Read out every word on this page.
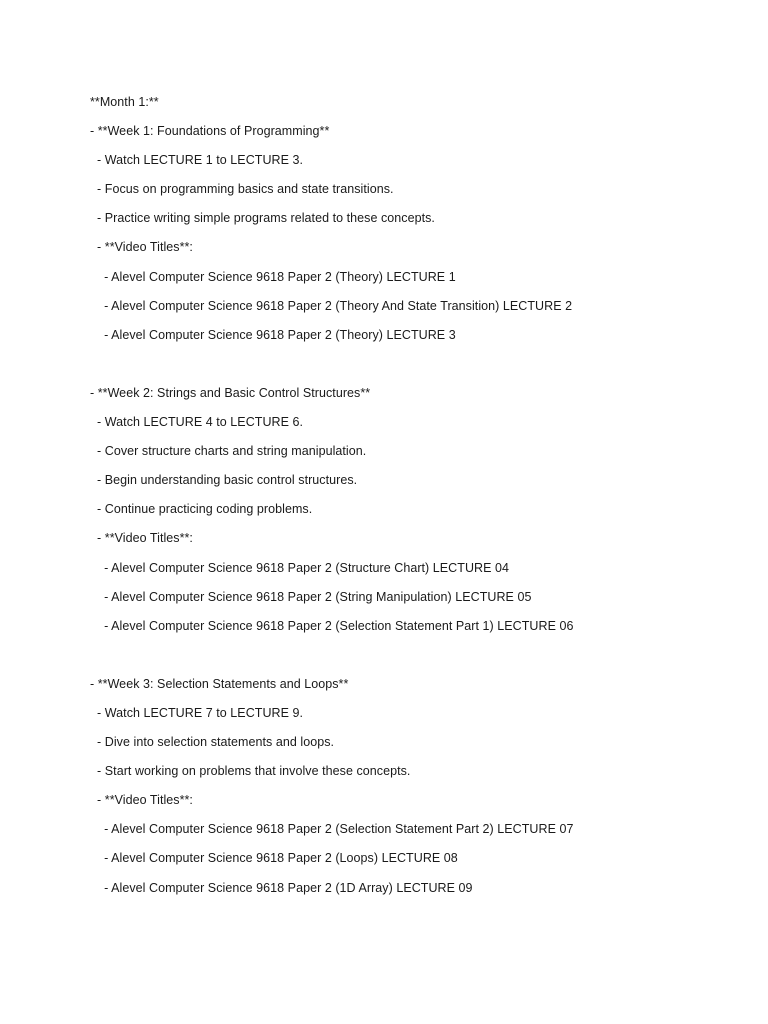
**Month 1:**
- **Week 1: Foundations of Programming**
- Watch LECTURE 1 to LECTURE 3.
- Focus on programming basics and state transitions.
- Practice writing simple programs related to these concepts.
- **Video Titles**:
- Alevel Computer Science 9618 Paper 2 (Theory) LECTURE 1
- Alevel Computer Science 9618 Paper 2 (Theory And State Transition) LECTURE 2
- Alevel Computer Science 9618 Paper 2 (Theory) LECTURE 3
- **Week 2: Strings and Basic Control Structures**
- Watch LECTURE 4 to LECTURE 6.
- Cover structure charts and string manipulation.
- Begin understanding basic control structures.
- Continue practicing coding problems.
- **Video Titles**:
- Alevel Computer Science 9618 Paper 2 (Structure Chart) LECTURE 04
- Alevel Computer Science 9618 Paper 2 (String Manipulation) LECTURE 05
- Alevel Computer Science 9618 Paper 2 (Selection Statement Part 1) LECTURE 06
- **Week 3: Selection Statements and Loops**
- Watch LECTURE 7 to LECTURE 9.
- Dive into selection statements and loops.
- Start working on problems that involve these concepts.
- **Video Titles**:
- Alevel Computer Science 9618 Paper 2 (Selection Statement Part 2) LECTURE 07
- Alevel Computer Science 9618 Paper 2 (Loops) LECTURE 08
- Alevel Computer Science 9618 Paper 2 (1D Array) LECTURE 09
